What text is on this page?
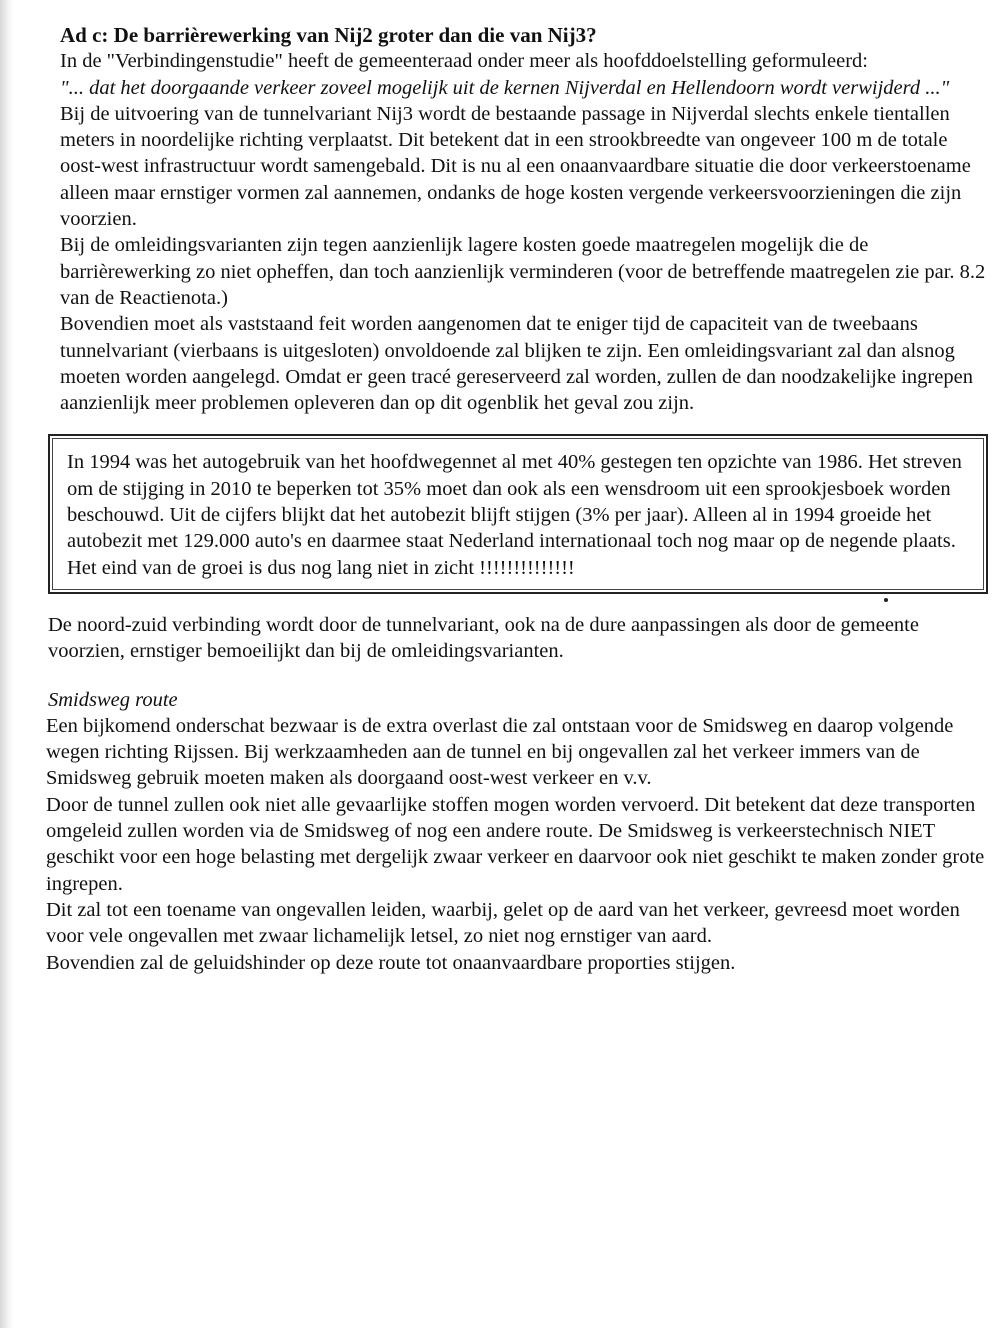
Ad c: De barrièrewerking van Nij2 groter dan die van Nij3?

In de "Verbindingenstudie" heeft de gemeenteraad onder meer als hoofddoelstelling geformuleerd:

"... dat het doorgaande verkeer zoveel mogelijk uit de kernen Nijverdal en Hellendoorn wordt verwijderd ..."

Bij de uitvoering van de tunnelvariant Nij3 wordt de bestaande passage in Nijverdal slechts enkele tientallen meters in noordelijke richting verplaatst. Dit betekent dat in een strookbreedte van ongeveer 100 m de totale oost-west infrastructuur wordt samengebald. Dit is nu al een onaanvaardbare situatie die door verkeerstoename alleen maar ernstiger vormen zal aannemen, ondanks de hoge kosten vergende verkeersvoorzieningen die zijn voorzien.

Bij de omleidingsvarianten zijn tegen aanzienlijk lagere kosten goede maatregelen mogelijk die de barrièrewerking zo niet opheffen, dan toch aanzienlijk verminderen (voor de betreffende maatregelen zie par. 8.2 van de Reactienota.)

Bovendien moet als vaststaand feit worden aangenomen dat te eniger tijd de capaciteit van de tweebaans tunnelvariant (vierbaans is uitgesloten) onvoldoende zal blijken te zijn. Een omleidingsvariant zal dan alsnog moeten worden aangelegd. Omdat er geen tracé gereserveerd zal worden, zullen de dan noodzakelijke ingrepen aanzienlijk meer problemen opleveren dan op dit ogenblik het geval zou zijn.

In 1994 was het autogebruik van het hoofdwegennet al met 40% gestegen ten opzichte van 1986. Het streven om de stijging in 2010 te beperken tot 35% moet dan ook als een wensdroom uit een sprookjesboek worden beschouwd. Uit de cijfers blijkt dat het autobezit blijft stijgen (3% per jaar). Alleen al in 1994 groeide het autobezit met 129.000 auto's en daarmee staat Nederland internationaal toch nog maar op de negende plaats. Het eind van de groei is dus nog lang niet in zicht !!!!!!!!!!!!!!

De noord-zuid verbinding wordt door de tunnelvariant, ook na de dure aanpassingen als door de gemeente voorzien, ernstiger bemoeilijkt dan bij de omleidingsvarianten.

Smidsweg route

Een bijkomend onderschat bezwaar is de extra overlast die zal ontstaan voor de Smidsweg en daarop volgende wegen richting Rijssen. Bij werkzaamheden aan de tunnel en bij ongevallen zal het verkeer immers van de Smidsweg gebruik moeten maken als doorgaand oost-west verkeer en v.v.

Door de tunnel zullen ook niet alle gevaarlijke stoffen mogen worden vervoerd. Dit betekent dat deze transporten omgeleid zullen worden via de Smidsweg of nog een andere route. De Smidsweg is verkeerstechnisch NIET geschikt voor een hoge belasting met dergelijk zwaar verkeer en daarvoor ook niet geschikt te maken zonder grote ingrepen.

Dit zal tot een toename van ongevallen leiden, waarbij, gelet op de aard van het verkeer, gevreesd moet worden voor vele ongevallen met zwaar lichamelijk letsel, zo niet nog ernstiger van aard.

Bovendien zal de geluidshinder op deze route tot onaanvaardbare proporties stijgen.
